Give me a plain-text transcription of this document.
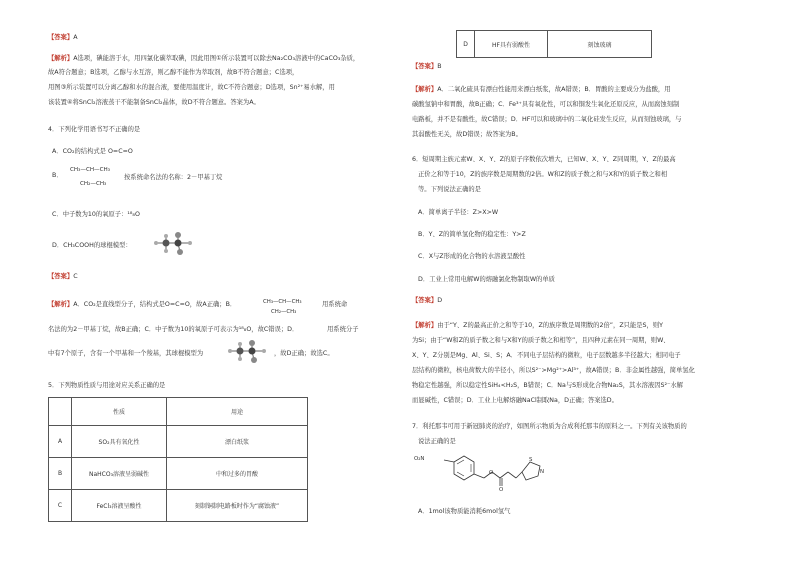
【答案】A
【解析】A选项，碘能溶于水，用四氯化碳萃取碘，因此用图①所示装置可以除去Na₂CO₃溶液中的CaCO₃杂质，
故A符合题意；B选项，乙醇与水互溶，则乙醇不能作为萃取剂，故B不符合题意；C选项，
用图③所示装置可以分离乙醇和水的混合液，要使用温度计，故C不符合题意；D选项，Sn²⁺易水解，用
该装置④将SnCl₂溶液蒸干不能制备SnCl₂晶体，故D不符合题意。答案为A。
4．下列化学用语书写不正确的是
A．CO₂的结构式是 O=C=O
B．
CH₃—CH—CH₃
CH₂—CH₃
按系统命名法的名称：2－甲基丁烷
C．中子数为10的氧原子：¹⁸₈O
D．CH₃COOH的球棍模型：
【答案】C
【解析】A．CO₂是直线型分子，结构式是O=C=O，故A正确；B．	CH₃—CH—CH₃
CH₂—CH₃
用系统命
名法的为2－甲基丁烷，故B正确；C．中子数为10的氧原子可表示为¹⁸₈O，故C错误；D．	用系统分子
中有7个原子，含有一个甲基和一个羧基，其球棍模型为	，故D正确；故选C。
5．下列物质性质与用途对应关系正确的是
	性质	用途
A	SO₂具有氧化性	漂白纸浆
B	NaHCO₃溶液呈弱碱性	中和过多的胃酸
C	FeCl₃溶液呈酸性	刻制铜制电路板时作为“腐蚀液”
D	HF具有弱酸性	刻蚀玻璃
【答案】B
【解析】A．二氧化硫具有漂白性能用来漂白纸浆，故A错误；B．胃酸的主要成分为盐酸，用
碳酸氢钠中和胃酸，故B正确；C．Fe³⁺具有氧化性，可以和铜发生氧化还原反应，从而腐蚀刻制
电路板，并不是有酸性，故C错误；D．HF可以和玻璃中的二氧化硅发生反应，从而刻蚀玻璃，与
其弱酸性无关，故D错误；故答案为B。
6．短周期主族元素W、X、Y、Z的原子序数依次增大，已知W、X、Y、Z同周期，Y、Z的最高
正价之和等于10，Z的族序数是周期数的2倍。W和Z的质子数之和与X和Y的质子数之和相
等。下列说法正确的是
A．简单离子半径：Z>X>W
B．Y、Z的简单氢化物的稳定性：Y>Z
C．X与Z形成的化合物的水溶液呈酸性
D．工业上常用电解W的熔融氯化物制取W的单质
【答案】D
【解析】由于“Y、Z的最高正价之和等于10，Z的族序数是周期数的2倍”，Z只能是S，则Y
为Si；由于“W和Z的质子数之和与X和Y的质子数之和相等”，且四种元素在同一周期，则W、
X、Y、Z分别是Mg、Al、Si、S；A．不同电子层结构的微粒，电子层数越多半径越大；相同电子
层结构的微粒，核电荷数大的半径小，所以S²⁻>Mg²⁺>Al³⁺，故A错误；B．非金属性越强，简单氢化
物稳定性越强，所以稳定性SiH₄<H₂S，B错误；C．Na与S形成化合物Na₂S，其水溶液因S²⁻水解
而显碱性，C错误；D．工业上电解熔融NaCl制取Na，D正确；答案选D。
7．利托那韦可用于新冠肺炎的治疗，如图所示物质为合成利托那韦的原料之一。下列有关该物质的
说法正确的是
O₂N
O
O
S
N
A．1mol该物质能消耗6mol氢气
